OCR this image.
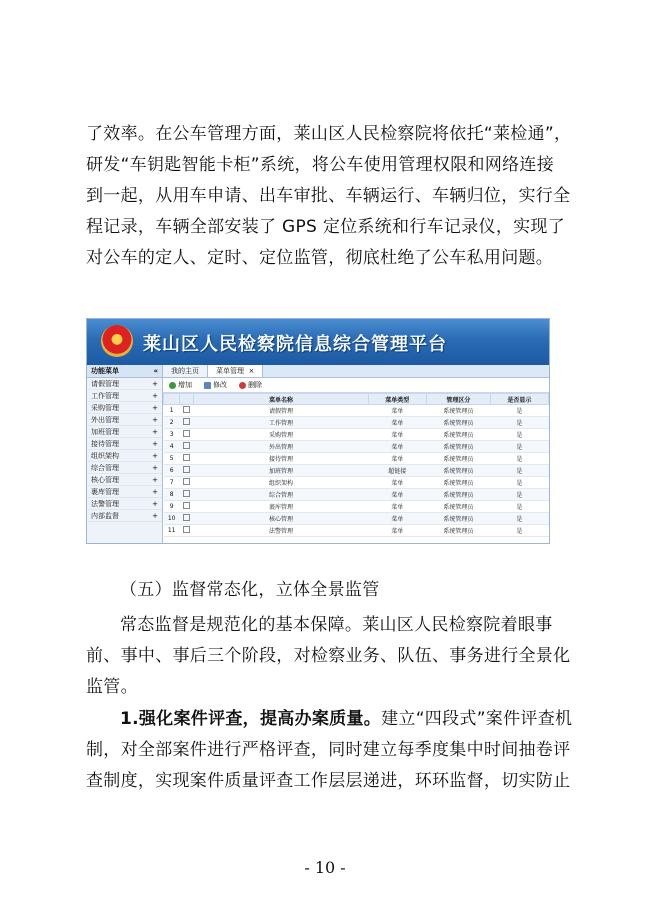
了效率。在公车管理方面，莱山区人民检察院将依托“莱检通”，
研发“车钥匙智能卡柜”系统，将公车使用管理权限和网络连接
到一起，从用车申请、出车审批、车辆运行、车辆归位，实行全
程记录，车辆全部安装了 GPS 定位系统和行车记录仪，实现了
对公车的定人、定时、定位监管，彻底杜绝了公车私用问题。
莱山区人民检察院信息综合管理平台
功能菜单	«
请假管理	+
工作管理	+
采购管理	+
外出管理	+
加班管理	+
接待管理	+
组织架构	+
综合管理	+
核心管理	+
裹库管理	+
法警管理	+
内部监督	+
我的主页 菜单管理
×
增加	修改	删除
		菜单名称	菜单类型	管理区分	是否显示
1		请假管理	菜单	系统管理员	是
2		工作管理	菜单	系统管理员	是
3		采购管理	菜单	系统管理员	是
4		外出管理	菜单	系统管理员	是
5		接待管理	菜单	系统管理员	是
6		加班管理	超链接	系统管理员	是
7		组织架构	菜单	系统管理员	是
8		综合管理	菜单	系统管理员	是
9		裹库管理	菜单	系统管理员	是
10		核心管理	菜单	系统管理员	是
11		法警管理	菜单	系统管理员	是
（五）监督常态化，立体全景监管
常态监督是规范化的基本保障。莱山区人民检察院着眼事
前、事中、事后三个阶段，对检察业务、队伍、事务进行全景化
监管。
1.强化案件评查，提高办案质量。建立“四段式”案件评查机
制，对全部案件进行严格评查，同时建立每季度集中时间抽卷评
查制度，实现案件质量评查工作层层递进，环环监督，切实防止
- 10 -
